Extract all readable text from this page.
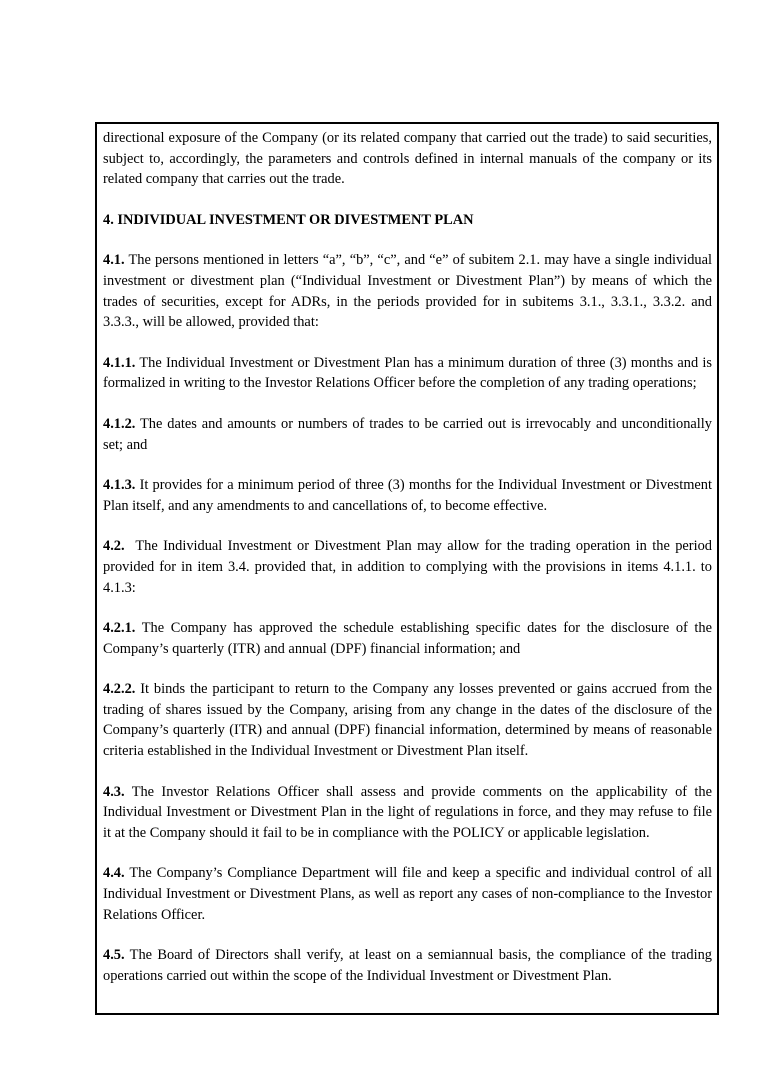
directional exposure of the Company (or its related company that carried out the trade) to said securities, subject to, accordingly, the parameters and controls defined in internal manuals of the company or its related company that carries out the trade.

4. INDIVIDUAL INVESTMENT OR DIVESTMENT PLAN

4.1. The persons mentioned in letters “a”, “b”, “c”, and “e” of subitem 2.1. may have a single individual investment or divestment plan (“Individual Investment or Divestment Plan”) by means of which the trades of securities, except for ADRs, in the periods provided for in subitems 3.1., 3.3.1., 3.3.2. and 3.3.3., will be allowed, provided that:

4.1.1. The Individual Investment or Divestment Plan has a minimum duration of three (3) months and is formalized in writing to the Investor Relations Officer before the completion of any trading operations;

4.1.2. The dates and amounts or numbers of trades to be carried out is irrevocably and unconditionally set; and

4.1.3. It provides for a minimum period of three (3) months for the Individual Investment or Divestment Plan itself, and any amendments to and cancellations of, to become effective.

4.2. The Individual Investment or Divestment Plan may allow for the trading operation in the period provided for in item 3.4. provided that, in addition to complying with the provisions in items 4.1.1. to 4.1.3:

4.2.1. The Company has approved the schedule establishing specific dates for the disclosure of the Company’s quarterly (ITR) and annual (DPF) financial information; and

4.2.2. It binds the participant to return to the Company any losses prevented or gains accrued from the trading of shares issued by the Company, arising from any change in the dates of the disclosure of the Company’s quarterly (ITR) and annual (DPF) financial information, determined by means of reasonable criteria established in the Individual Investment or Divestment Plan itself.

4.3. The Investor Relations Officer shall assess and provide comments on the applicability of the Individual Investment or Divestment Plan in the light of regulations in force, and they may refuse to file it at the Company should it fail to be in compliance with the POLICY or applicable legislation.

4.4. The Company’s Compliance Department will file and keep a specific and individual control of all Individual Investment or Divestment Plans, as well as report any cases of non-compliance to the Investor Relations Officer.

4.5. The Board of Directors shall verify, at least on a semiannual basis, the compliance of the trading operations carried out within the scope of the Individual Investment or Divestment Plan.
